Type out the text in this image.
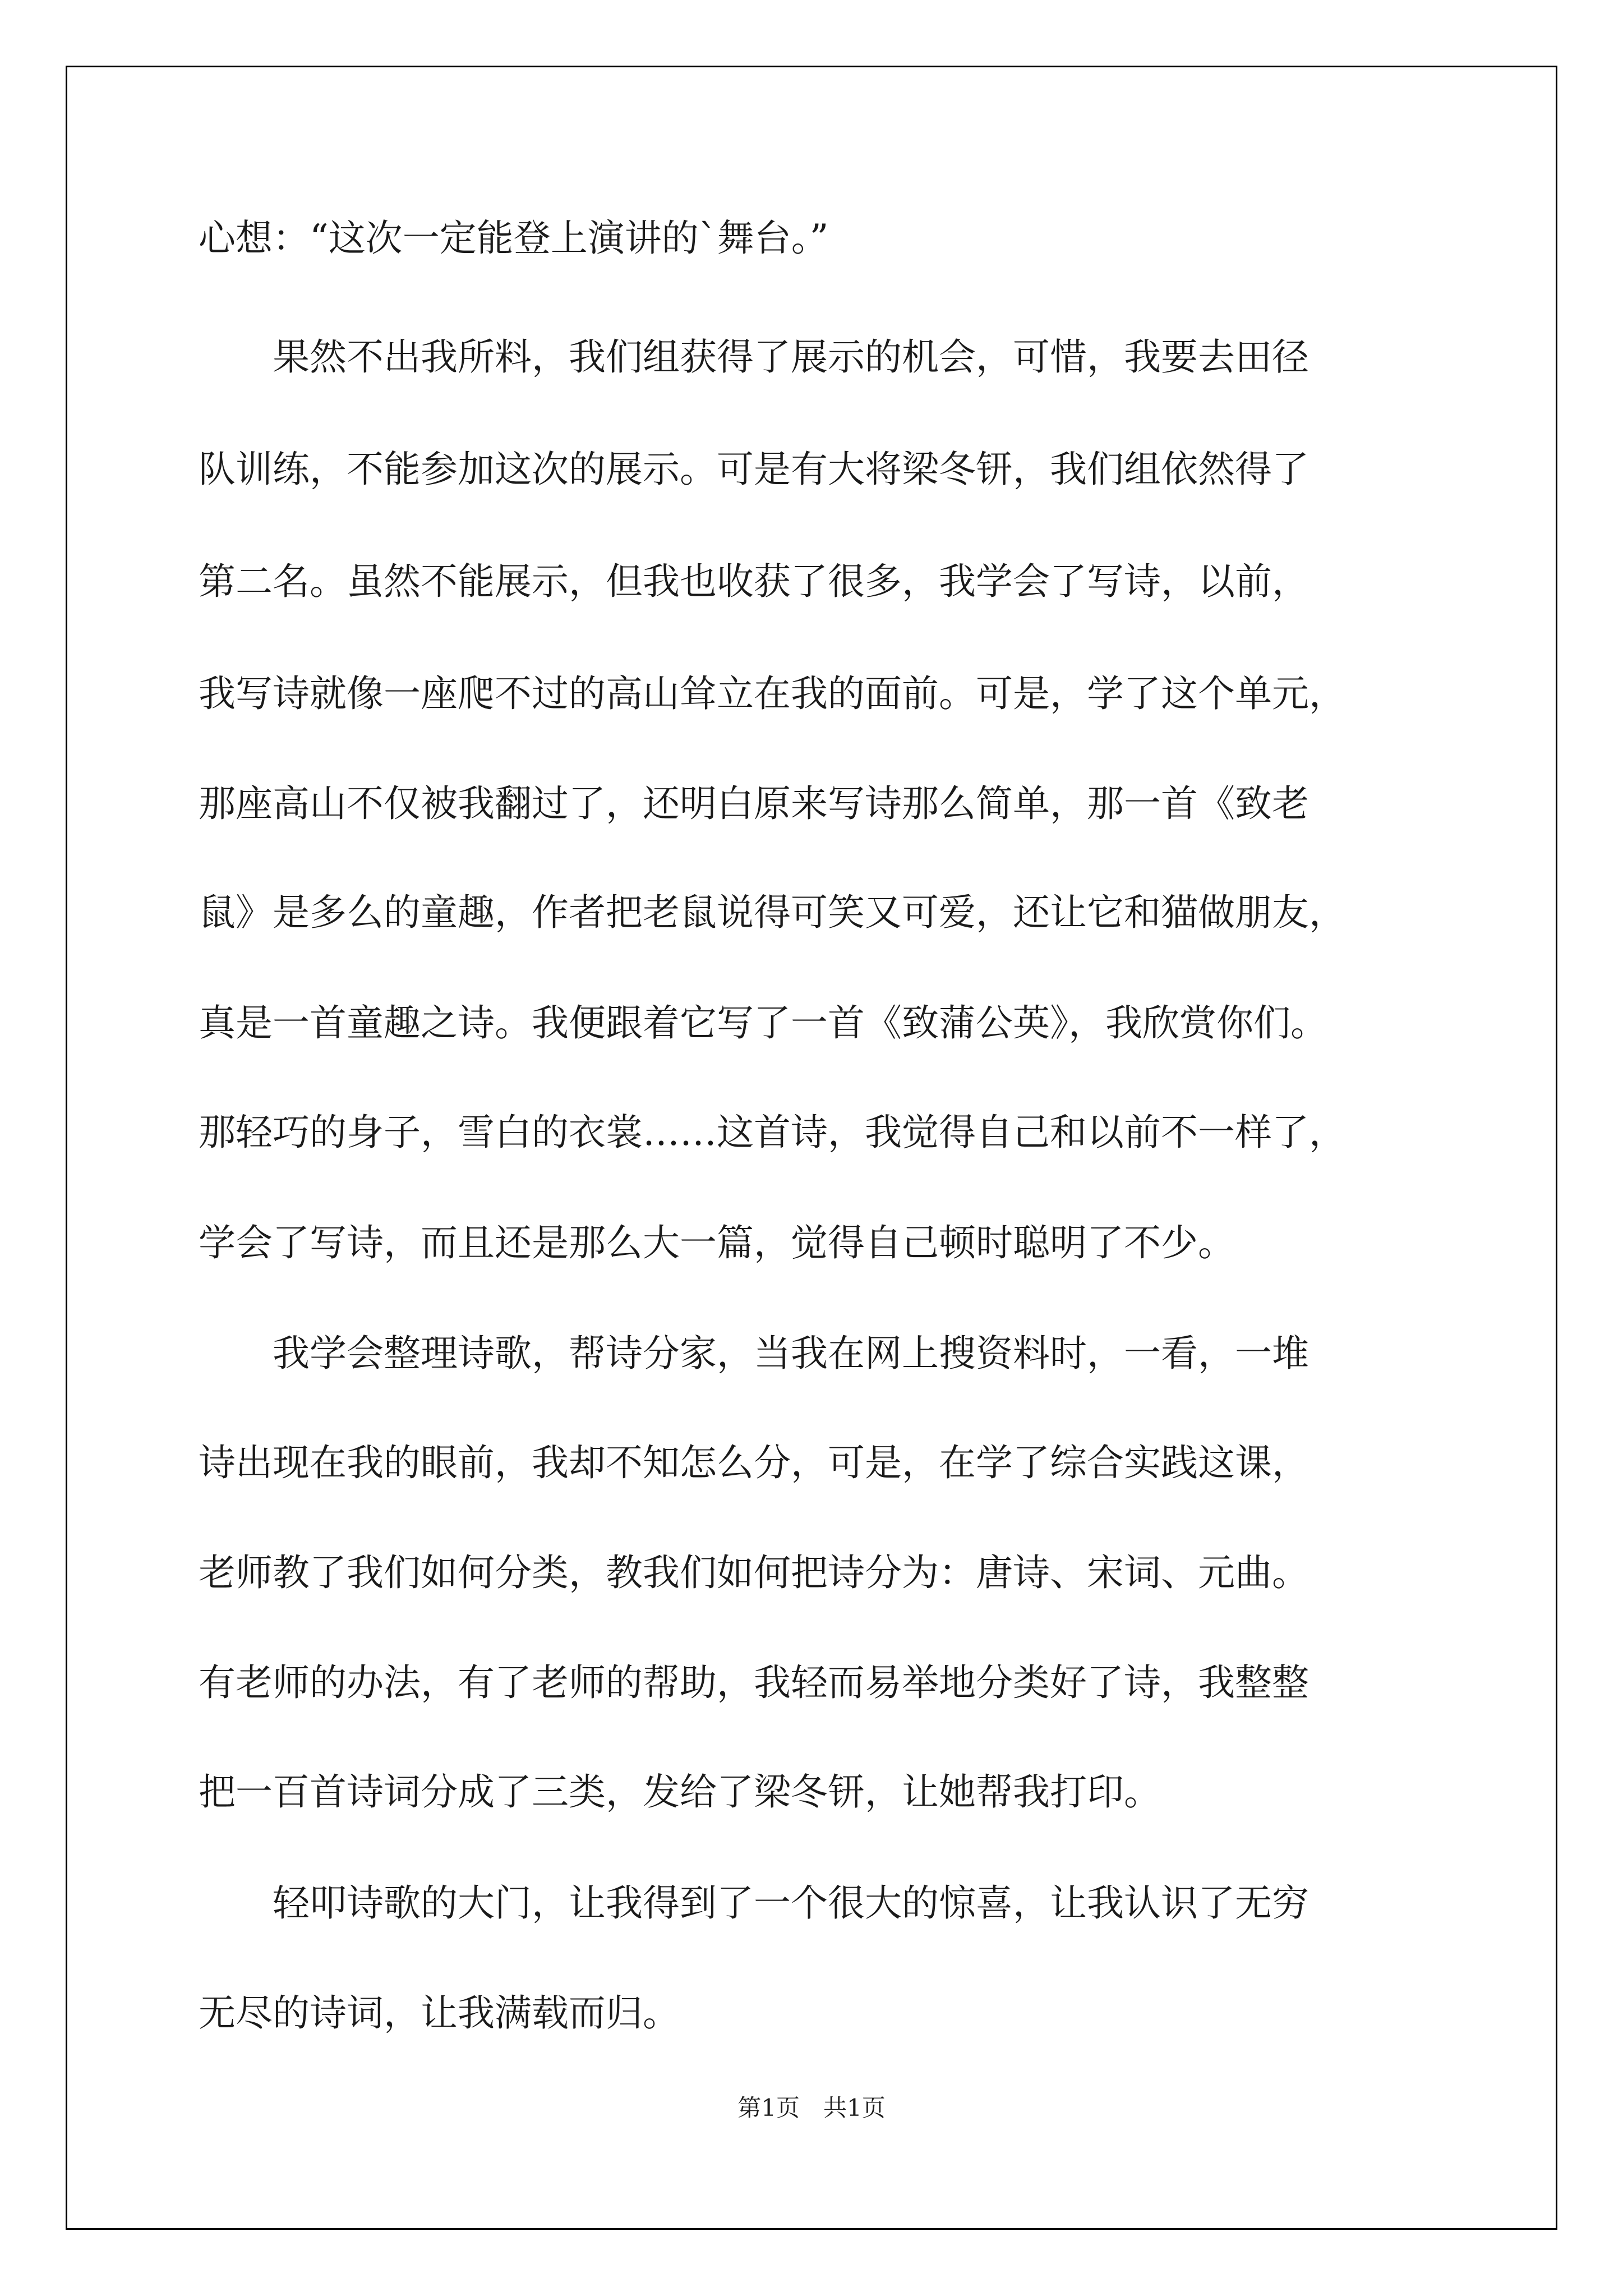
心想：“这次一定能登上演讲的`舞台。”
　　果然不出我所料，我们组获得了展示的机会，可惜，我要去田径
队训练，不能参加这次的展示。可是有大将梁冬钘，我们组依然得了
第二名。虽然不能展示，但我也收获了很多，我学会了写诗，以前，
我写诗就像一座爬不过的高山耸立在我的面前。可是，学了这个单元，
那座高山不仅被我翻过了，还明白原来写诗那么简单，那一首《致老
鼠》是多么的童趣，作者把老鼠说得可笑又可爱，还让它和猫做朋友，
真是一首童趣之诗。我便跟着它写了一首《致蒲公英》，我欣赏你们。
那轻巧的身子，雪白的衣裳……这首诗，我觉得自己和以前不一样了，
学会了写诗，而且还是那么大一篇，觉得自己顿时聪明了不少。
　　我学会整理诗歌，帮诗分家，当我在网上搜资料时，一看，一堆
诗出现在我的眼前，我却不知怎么分，可是，在学了综合实践这课，
老师教了我们如何分类，教我们如何把诗分为：唐诗、宋词、元曲。
有老师的办法，有了老师的帮助，我轻而易举地分类好了诗，我整整
把一百首诗词分成了三类，发给了梁冬钘，让她帮我打印。
　　轻叩诗歌的大门，让我得到了一个很大的惊喜，让我认识了无穷
无尽的诗词，让我满载而归。
第1页　共1页
